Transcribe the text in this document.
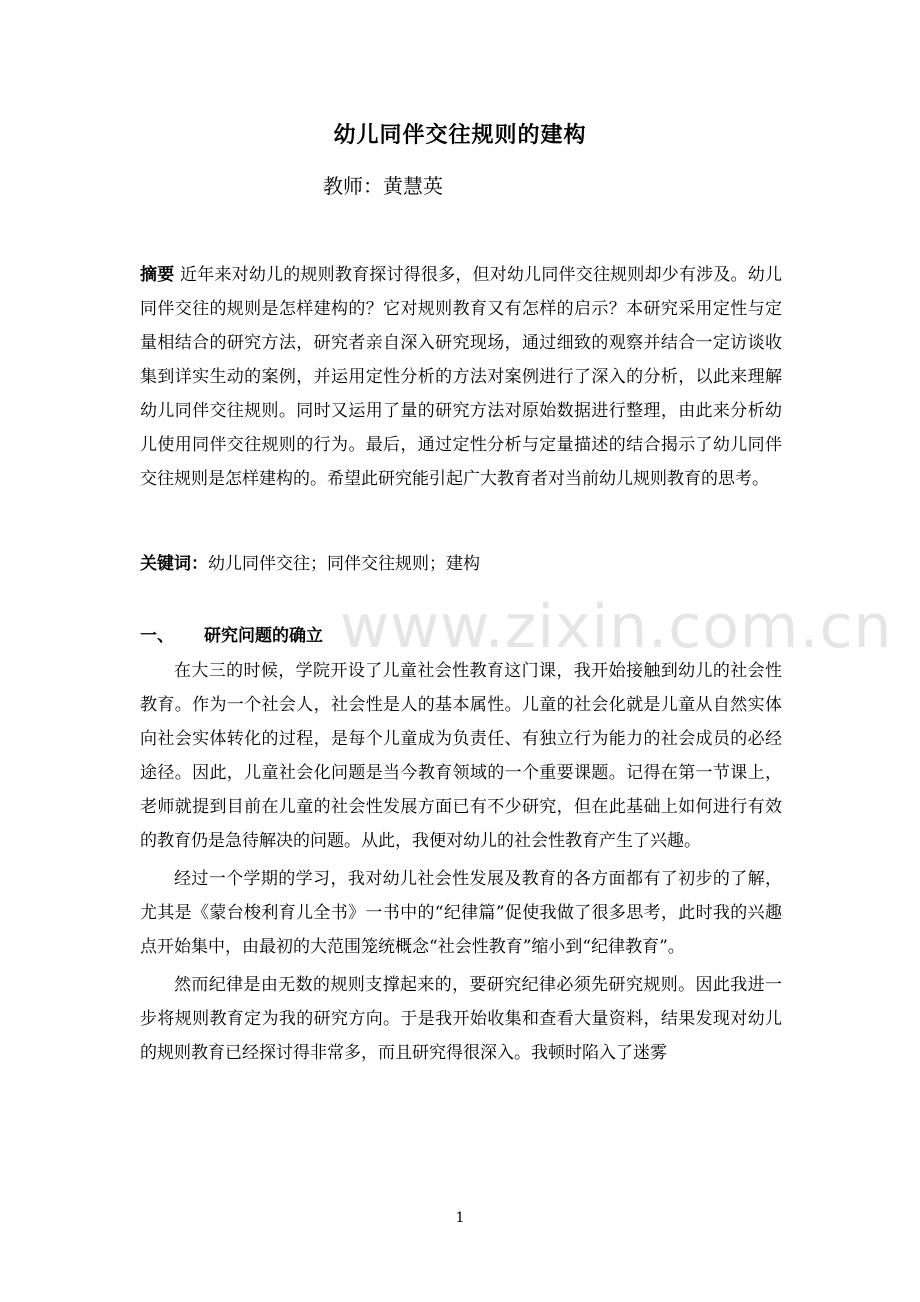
幼儿同伴交往规则的建构
教师：黄慧英
摘要 近年来对幼儿的规则教育探讨得很多，但对幼儿同伴交往规则却少有涉及。幼儿同伴交往的规则是怎样建构的？它对规则教育又有怎样的启示？本研究采用定性与定量相结合的研究方法，研究者亲自深入研究现场，通过细致的观察并结合一定访谈收集到详实生动的案例，并运用定性分析的方法对案例进行了深入的分析，以此来理解幼儿同伴交往规则。同时又运用了量的研究方法对原始数据进行整理，由此来分析幼儿使用同伴交往规则的行为。最后，通过定性分析与定量描述的结合揭示了幼儿同伴交往规则是怎样建构的。希望此研究能引起广大教育者对当前幼儿规则教育的思考。
关键词：幼儿同伴交往；同伴交往规则；建构
一、 研究问题的确立

在大三的时候，学院开设了儿童社会性教育这门课，我开始接触到幼儿的社会性教育。作为一个社会人，社会性是人的基本属性。儿童的社会化就是儿童从自然实体向社会实体转化的过程，是每个儿童成为负责任、有独立行为能力的社会成员的必经途径。因此，儿童社会化问题是当今教育领域的一个重要课题。记得在第一节课上，老师就提到目前在儿童的社会性发展方面已有不少研究，但在此基础上如何进行有效的教育仍是急待解决的问题。从此，我便对幼儿的社会性教育产生了兴趣。

经过一个学期的学习，我对幼儿社会性发展及教育的各方面都有了初步的了解，尤其是《蒙台梭利育儿全书》一书中的“纪律篇”促使我做了很多思考，此时我的兴趣点开始集中，由最初的大范围笼统概念“社会性教育”缩小到“纪律教育”。

然而纪律是由无数的规则支撑起来的，要研究纪律必须先研究规则。因此我进一步将规则教育定为我的研究方向。于是我开始收集和查看大量资料，结果发现对幼儿的规则教育已经探讨得非常多，而且研究得很深入。我顿时陷入了迷雾

www.zixin.com.cn
1
